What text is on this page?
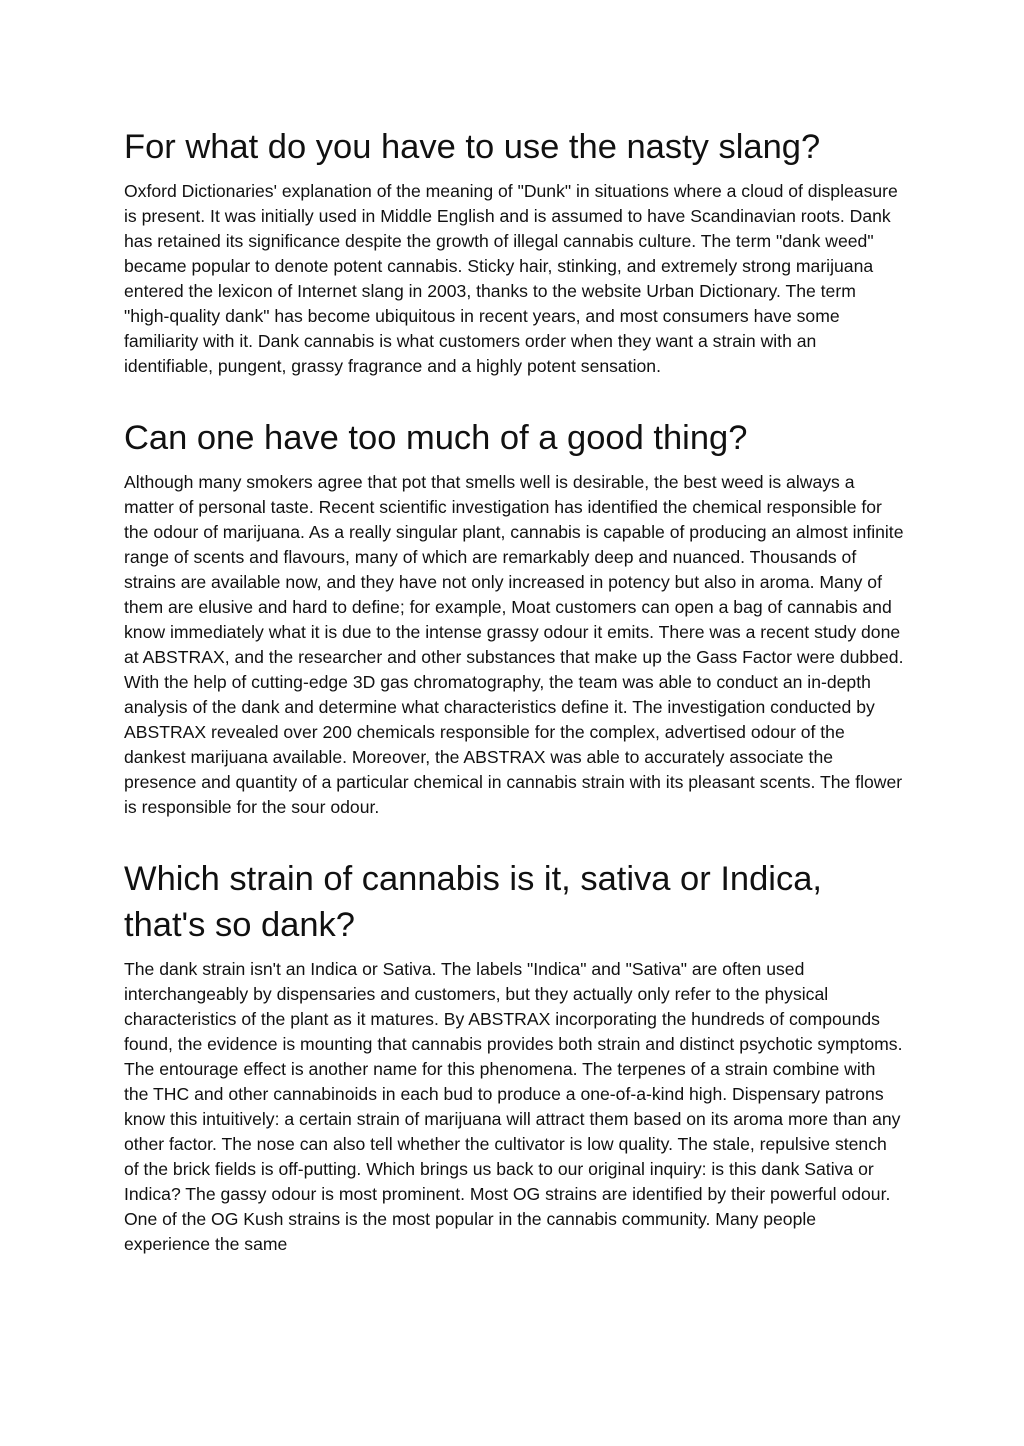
For what do you have to use the nasty slang?

Oxford Dictionaries' explanation of the meaning of "Dunk" in situations where a cloud of displeasure is present. It was initially used in Middle English and is assumed to have Scandinavian roots. Dank has retained its significance despite the growth of illegal cannabis culture. The term "dank weed" became popular to denote potent cannabis. Sticky hair, stinking, and extremely strong marijuana entered the lexicon of Internet slang in 2003, thanks to the website Urban Dictionary. The term "high-quality dank" has become ubiquitous in recent years, and most consumers have some familiarity with it. Dank cannabis is what customers order when they want a strain with an identifiable, pungent, grassy fragrance and a highly potent sensation.

Can one have too much of a good thing?

Although many smokers agree that pot that smells well is desirable, the best weed is always a matter of personal taste. Recent scientific investigation has identified the chemical responsible for the odour of marijuana. As a really singular plant, cannabis is capable of producing an almost infinite range of scents and flavours, many of which are remarkably deep and nuanced. Thousands of strains are available now, and they have not only increased in potency but also in aroma. Many of them are elusive and hard to define; for example, Moat customers can open a bag of cannabis and know immediately what it is due to the intense grassy odour it emits. There was a recent study done at ABSTRAX, and the researcher and other substances that make up the Gass Factor were dubbed. With the help of cutting-edge 3D gas chromatography, the team was able to conduct an in-depth analysis of the dank and determine what characteristics define it. The investigation conducted by ABSTRAX revealed over 200 chemicals responsible for the complex, advertised odour of the dankest marijuana available. Moreover, the ABSTRAX was able to accurately associate the presence and quantity of a particular chemical in cannabis strain with its pleasant scents. The flower is responsible for the sour odour.

Which strain of cannabis is it, sativa or Indica, that's so dank?

The dank strain isn't an Indica or Sativa. The labels "Indica" and "Sativa" are often used interchangeably by dispensaries and customers, but they actually only refer to the physical characteristics of the plant as it matures. By ABSTRAX incorporating the hundreds of compounds found, the evidence is mounting that cannabis provides both strain and distinct psychotic symptoms. The entourage effect is another name for this phenomena. The terpenes of a strain combine with the THC and other cannabinoids in each bud to produce a one-of-a-kind high. Dispensary patrons know this intuitively: a certain strain of marijuana will attract them based on its aroma more than any other factor. The nose can also tell whether the cultivator is low quality. The stale, repulsive stench of the brick fields is off-putting. Which brings us back to our original inquiry: is this dank Sativa or Indica? The gassy odour is most prominent. Most OG strains are identified by their powerful odour. One of the OG Kush strains is the most popular in the cannabis community. Many people experience the same
